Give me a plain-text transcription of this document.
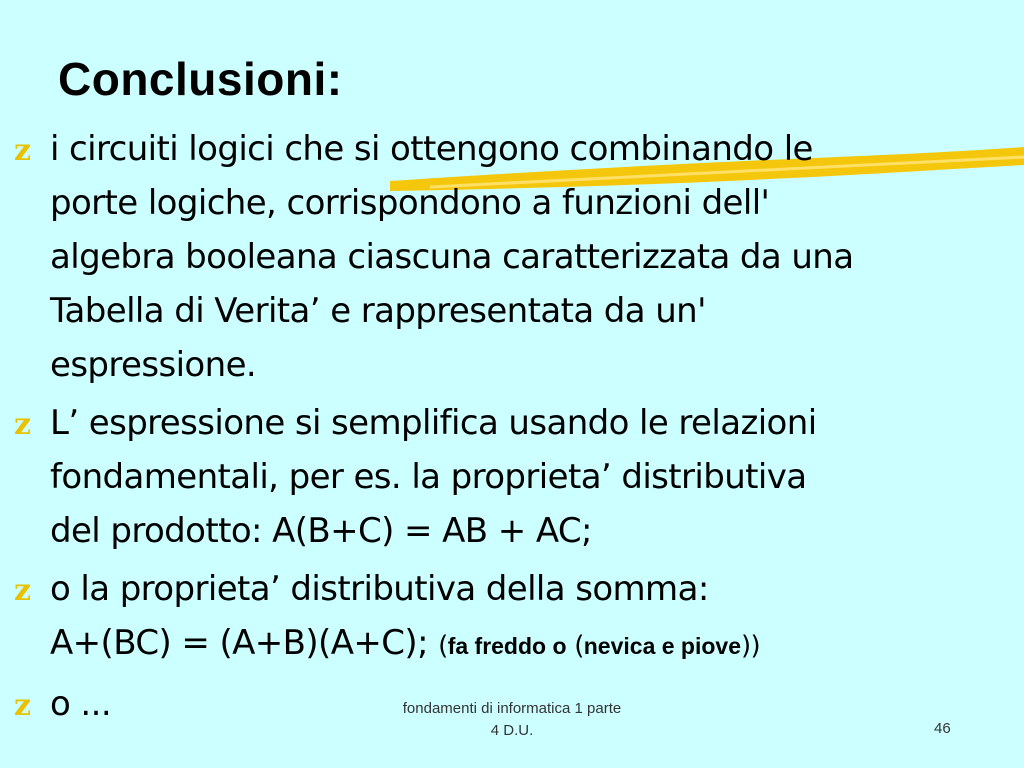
Conclusioni:
z i circuiti logici che si ottengono combinando le
porte logiche, corrispondono a funzioni dell'
algebra booleana ciascuna caratterizzata da una
Tabella di Verita’ e rappresentata da un'
espressione.
z L’ espressione si semplifica usando le relazioni
fondamentali, per es. la proprieta’ distributiva
del prodotto: A(B+C) = AB + AC;
z o la proprieta’ distributiva della somma:
A+(BC) = (A+B)(A+C); (fa freddo o (nevica e piove))
z o ...	fondamenti di informatica 1 parte
4 D.U.	46
